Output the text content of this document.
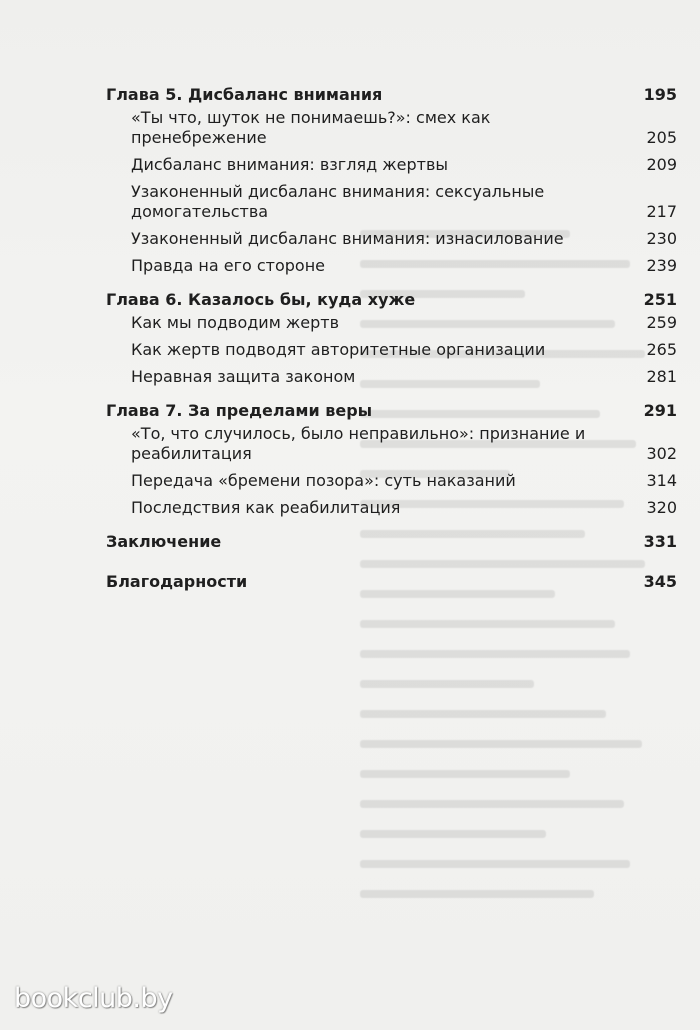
Глава 5. Дисбаланс внимания	195
«Ты что, шуток не понимаешь?»: смех как пренебрежение	205
Дисбаланс внимания: взгляд жертвы	209
Узаконенный дисбаланс внимания: сексуальные домогательства	217
Узаконенный дисбаланс внимания: изнасилование	230
Правда на его стороне	239
Глава 6. Казалось бы, куда хуже	251
Как мы подводим жертв	259
Как жертв подводят авторитетные организации	265
Неравная защита законом	281
Глава 7. За пределами веры	291
«То, что случилось, было неправильно»: признание и реабилитация	302
Передача «бремени позора»: суть наказаний	314
Последствия как реабилитация	320
Заключение	331
Благодарности	345
bookclub.by
